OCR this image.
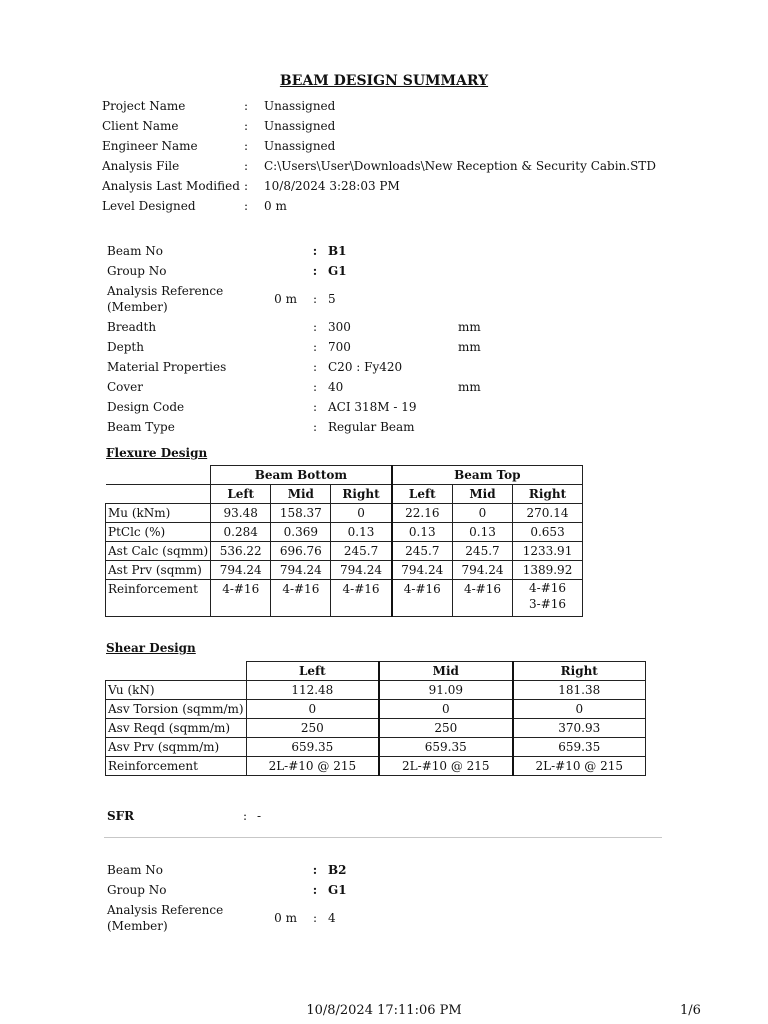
BEAM DESIGN SUMMARY
Project Name	:	Unassigned
Client Name	:	Unassigned
Engineer Name	:	Unassigned
Analysis File	:	C:\Users\User\Downloads\New Reception & Security Cabin.STD
Analysis Last Modified :	10/8/2024 3:28:03 PM
Level Designed	:	0 m
Beam No	: B1
Group No	: G1
Analysis Reference
(Member)
0 m	: 5
Breadth	: 300	mm
Depth	: 700	mm
Material Properties	: C20 : Fy420
Cover	: 40	mm
Design Code	: ACI 318M - 19
Beam Type	: Regular Beam
Flexure Design
	Beam Bottom			Beam Top		
	Left	Mid	Right	Left	Mid	Right
Mu (kNm)	93.48	158.37	0	22.16	0	270.14
PtClc (%)	0.284	0.369	0.13	0.13	0.13	0.653
Ast Calc (sqmm)	536.22	696.76	245.7	245.7	245.7	1233.91
Ast Prv (sqmm)	794.24	794.24	794.24	794.24	794.24	1389.92
Reinforcement	4-#16	4-#16	4-#16	4-#16	4-#16	4-#16
3-#16
Shear Design
	Left	Mid	Right
Vu (kN)	112.48	91.09	181.38
Asv Torsion (sqmm/m)	0	0	0
Asv Reqd (sqmm/m)	250	250	370.93
Asv Prv (sqmm/m)	659.35	659.35	659.35
Reinforcement	2L-#10 @ 215	2L-#10 @ 215	2L-#10 @ 215
SFR	: -
Beam No	: B2
Group No	: G1
Analysis Reference
(Member)
0 m	: 4
10/8/2024 17:11:06 PM	1/6
